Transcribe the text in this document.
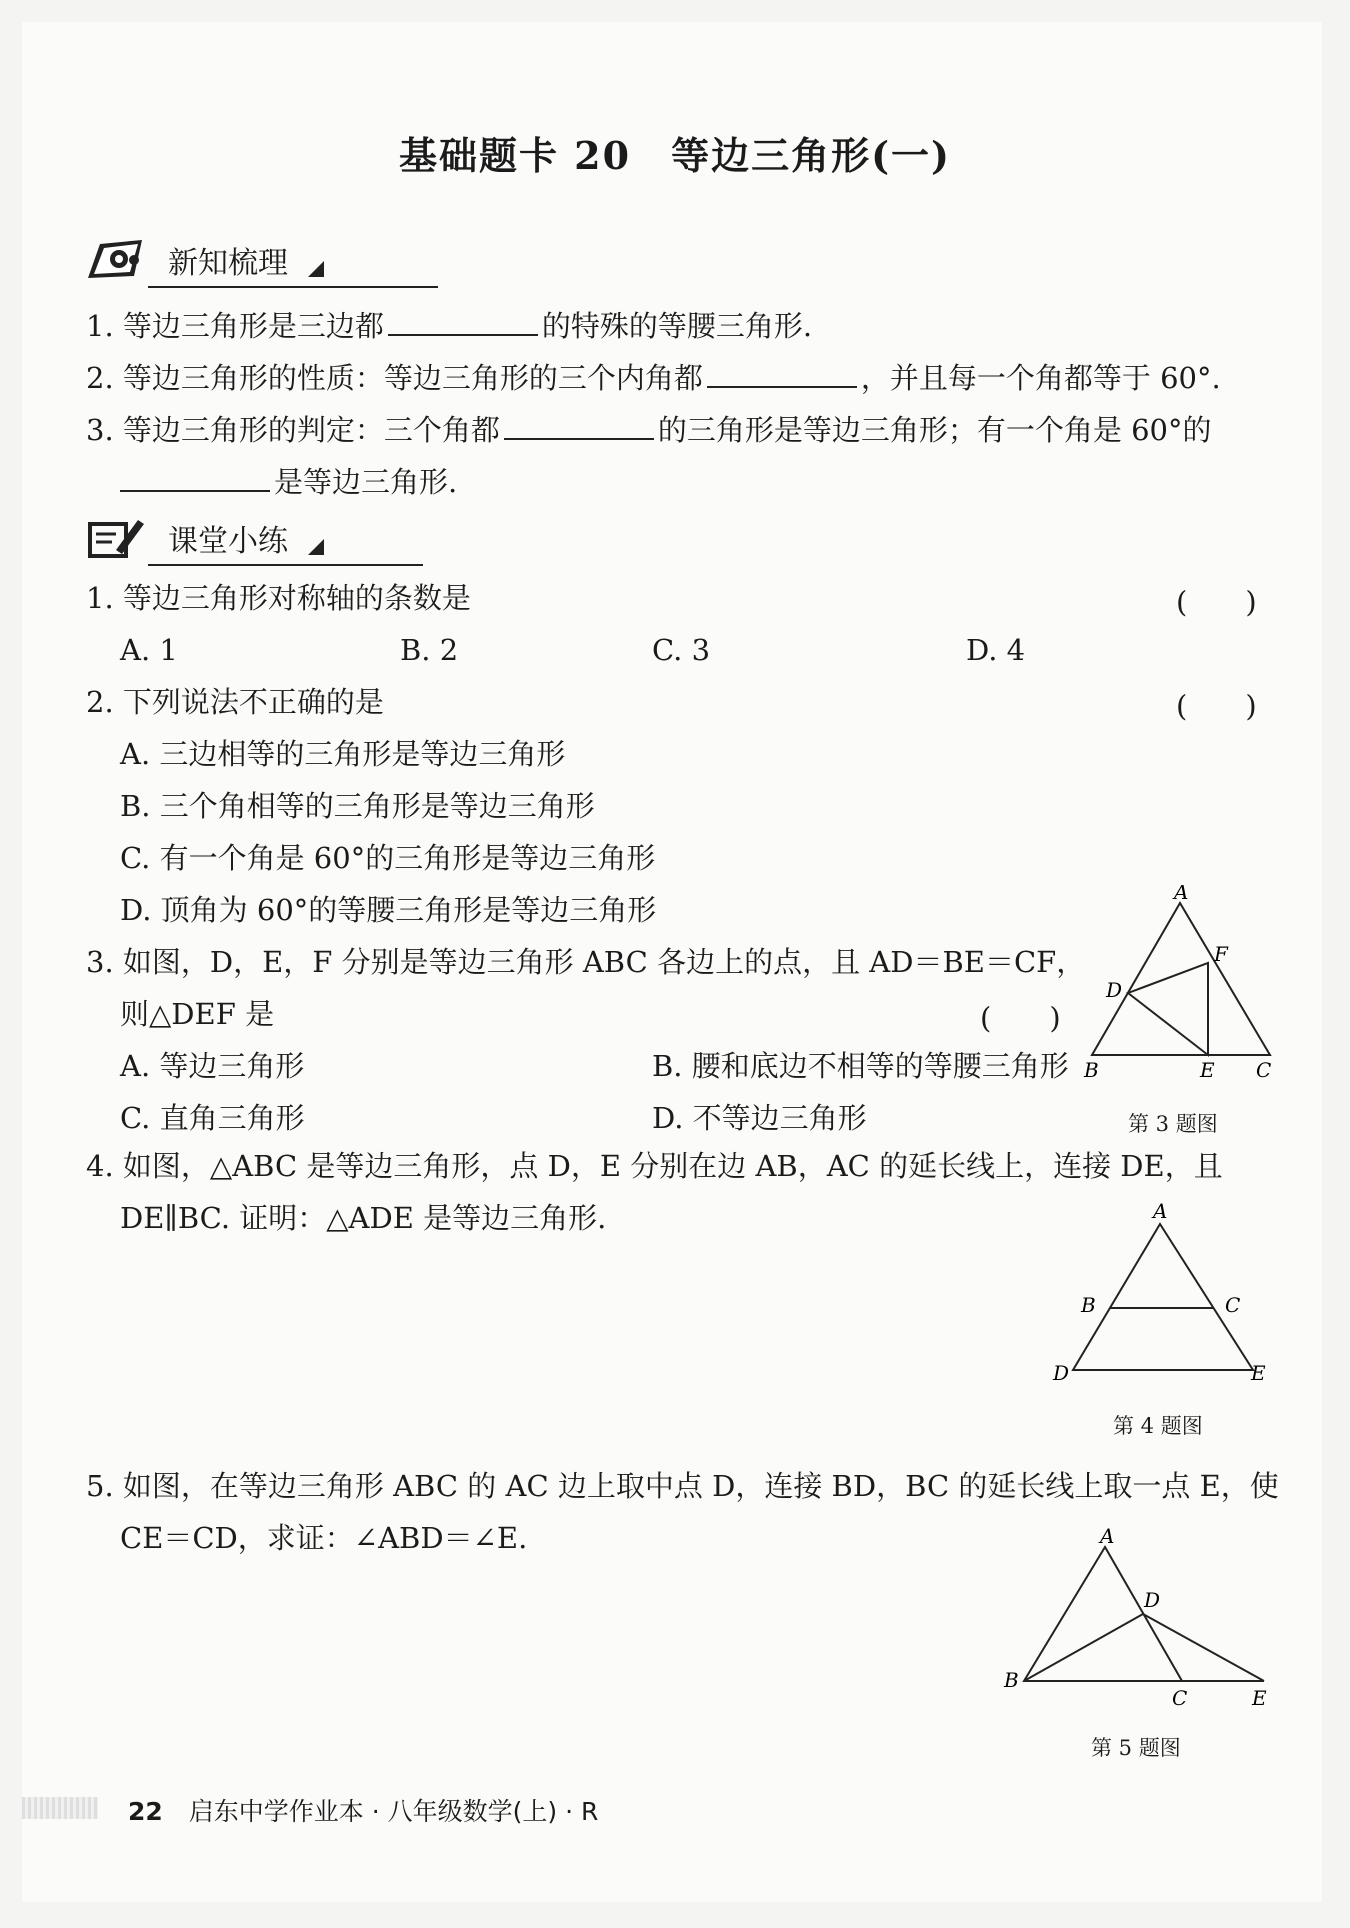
基础题卡 20　等边三角形(一)
新知梳理
1. 等边三角形是三边都	的特殊的等腰三角形.
2. 等边三角形的性质：等边三角形的三个内角都	，并且每一个角都等于 60°.
3. 等边三角形的判定：三个角都	的三角形是等边三角形；有一个角是 60°的
是等边三角形.
课堂小练
1. 等边三角形对称轴的条数是	(　　)
A. 1	B. 2	C. 3	D. 4
2. 下列说法不正确的是	(　　)
A. 三边相等的三角形是等边三角形
B. 三个角相等的三角形是等边三角形
C. 有一个角是 60°的三角形是等边三角形
D. 顶角为 60°的等腰三角形是等边三角形
3. 如图，D，E，F 分别是等边三角形 ABC 各边上的点，且 AD＝BE＝CF，
则△DEF 是	(　　)
A. 等边三角形	B. 腰和底边不相等的等腰三角形
C. 直角三角形	D. 不等边三角形
A
F
D
B	E C
第 3 题图
4. 如图，△ABC 是等边三角形，点 D，E 分别在边 AB，AC 的延长线上，连接 DE，且
DE∥BC. 证明：△ADE 是等边三角形.	A
B	C
D	E
第 4 题图
5. 如图，在等边三角形 ABC 的 AC 边上取中点 D，连接 BD，BC 的延长线上取一点 E，使
CE＝CD，求证：∠ABD＝∠E.	A
D
B
C	E
第 5 题图
22 启东中学作业本 · 八年级数学(上) · R
